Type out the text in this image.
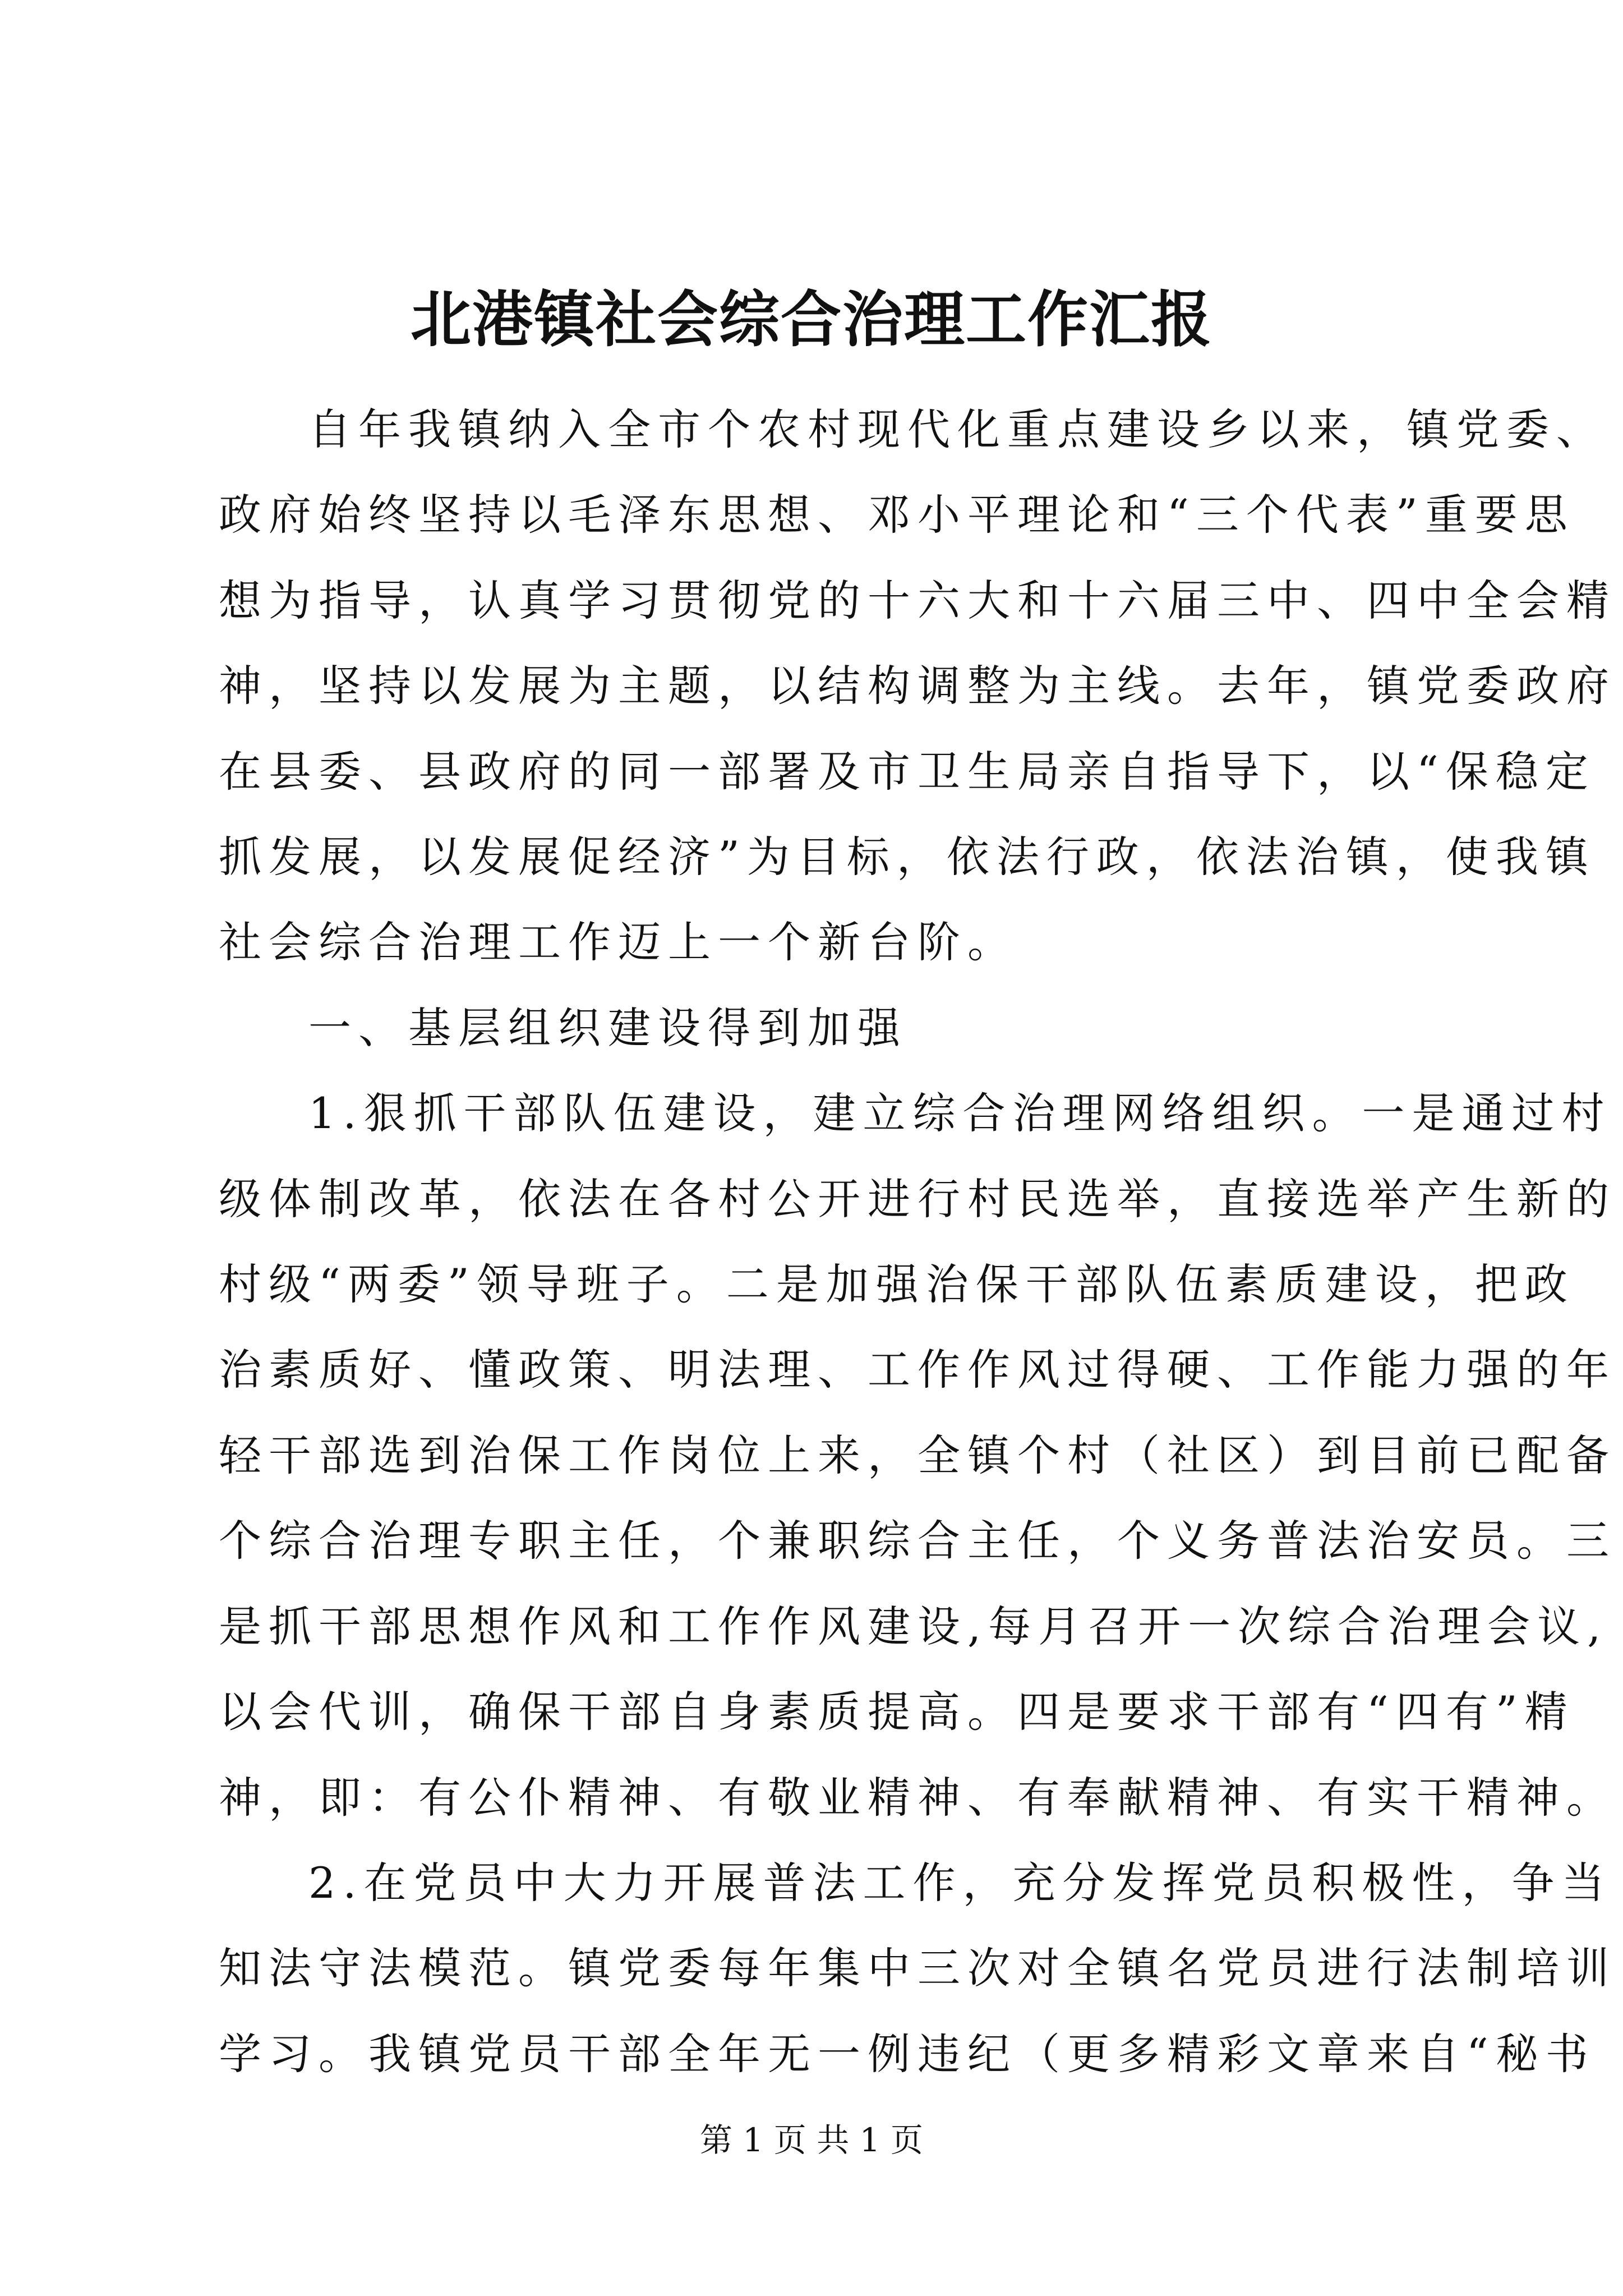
北港镇社会综合治理工作汇报

自年我镇纳入全市个农村现代化重点建设乡以来，镇党委、
政府始终坚持以毛泽东思想、邓小平理论和“三个代表”重要思
想为指导，认真学习贯彻党的十六大和十六届三中、四中全会精
神，坚持以发展为主题，以结构调整为主线。去年，镇党委政府
在县委、县政府的同一部署及市卫生局亲自指导下，以“保稳定
抓发展，以发展促经济”为目标，依法行政，依法治镇，使我镇
社会综合治理工作迈上一个新台阶。

一、基层组织建设得到加强

1.狠抓干部队伍建设，建立综合治理网络组织。一是通过村
级体制改革，依法在各村公开进行村民选举，直接选举产生新的
村级“两委”领导班子。二是加强治保干部队伍素质建设，把政
治素质好、懂政策、明法理、工作作风过得硬、工作能力强的年
轻干部选到治保工作岗位上来，全镇个村（社区）到目前已配备
个综合治理专职主任，个兼职综合主任，个义务普法治安员。三
是抓干部思想作风和工作作风建设,每月召开一次综合治理会议,
以会代训，确保干部自身素质提高。四是要求干部有“四有”精
神，即：有公仆精神、有敬业精神、有奉献精神、有实干精神。

2.在党员中大力开展普法工作，充分发挥党员积极性，争当
知法守法模范。镇党委每年集中三次对全镇名党员进行法制培训
学习。我镇党员干部全年无一例违纪（更多精彩文章来自“秘书

第 1 页 共 1 页
